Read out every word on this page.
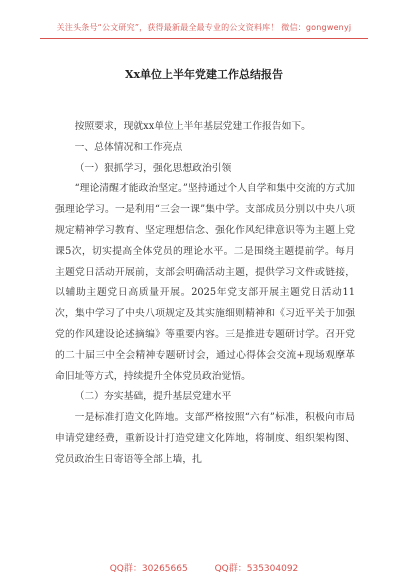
关注头条号“公文研究”，获得最新最全最专业的公文资料库！ 微信：gongwenyj
Xx单位上半年党建工作总结报告

按照要求，现就xx单位上半年基层党建工作报告如下。

一、总体情况和工作亮点

（一）狠抓学习，强化思想政治引领

“理论清醒才能政治坚定。”坚持通过个人自学和集中交流的方式加强理论学习。一是利用“三会一课”集中学。支部成员分别以中央八项规定精神学习教育、坚定理想信念、强化作风纪律意识等为主题上党课5次，切实提高全体党员的理论水平。二是围绕主题提前学。每月主题党日活动开展前，支部会明确活动主题，提供学习文件或链接，以辅助主题党日高质量开展。2025年党支部开展主题党日活动11次，集中学习了中央八项规定及其实施细则精神和《习近平关于加强党的作风建设论述摘编》等重要内容。三是推进专题研讨学。召开党的二十届三中全会精神专题研讨会，通过心得体会交流+现场观摩革命旧址等方式，持续提升全体党员政治觉悟。

（二）夯实基础，提升基层党建水平

一是标准打造文化阵地。支部严格按照“六有”标准，积极向市局申请党建经费，重新设计打造党建文化阵地，将制度、组织架构图、党员政治生日寄语等全部上墙，扎

QQ群：30265665	QQ群：535304092
